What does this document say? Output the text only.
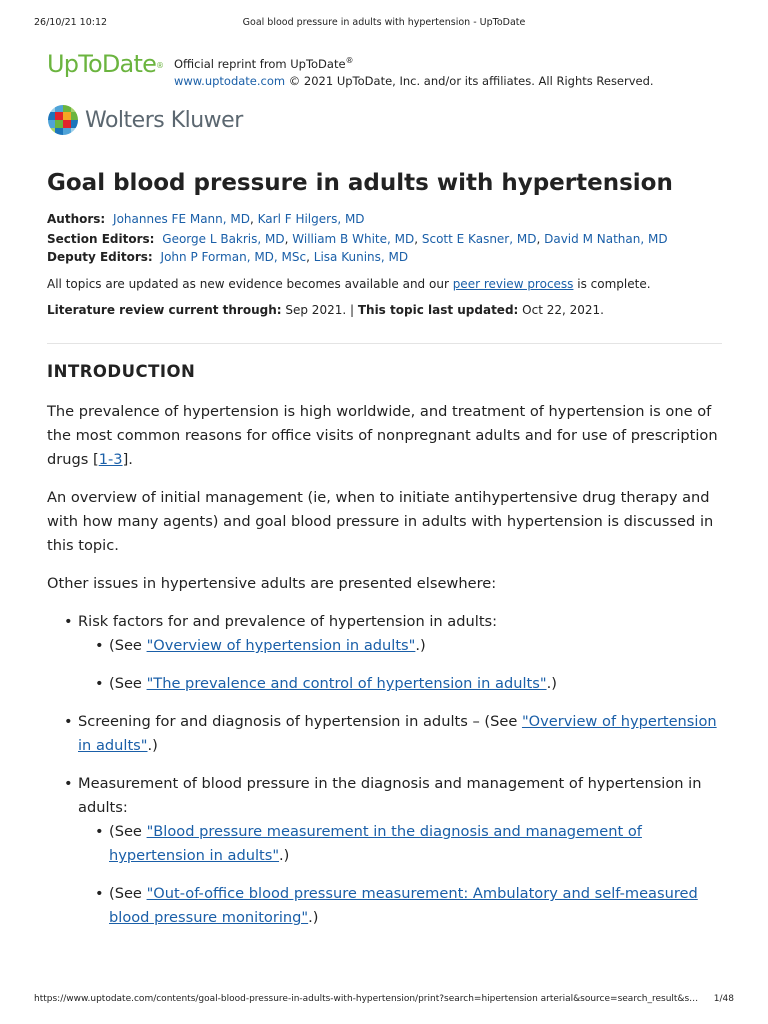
26/10/21 10:12	Goal blood pressure in adults with hypertension - UpToDate
UpToDate® Official reprint from UpToDate®
www.uptodate.com © 2021 UpToDate, Inc. and/or its affiliates. All Rights Reserved.
Wolters Kluwer
Goal blood pressure in adults with hypertension
Authors: Johannes FE Mann, MD, Karl F Hilgers, MD
Section Editors: George L Bakris, MD, William B White, MD, Scott E Kasner, MD, David M Nathan, MD
Deputy Editors: John P Forman, MD, MSc, Lisa Kunins, MD
All topics are updated as new evidence becomes available and our peer review process is complete.
Literature review current through: Sep 2021. | This topic last updated: Oct 22, 2021.
INTRODUCTION

The prevalence of hypertension is high worldwide, and treatment of hypertension is one of the most common reasons for office visits of nonpregnant adults and for use of prescription drugs [1-3].

An overview of initial management (ie, when to initiate antihypertensive drug therapy and with how many agents) and goal blood pressure in adults with hypertension is discussed in this topic.

Other issues in hypertensive adults are presented elsewhere:

• Risk factors for and prevalence of hypertension in adults:
• (See "Overview of hypertension in adults".)
• (See "The prevalence and control of hypertension in adults".)
• Screening for and diagnosis of hypertension in adults – (See "Overview of hypertension in adults".)
• Measurement of blood pressure in the diagnosis and management of hypertension in adults:
• (See "Blood pressure measurement in the diagnosis and management of hypertension in adults".)
• (See "Out-of-office blood pressure measurement: Ambulatory and self-measured blood pressure monitoring".)
https://www.uptodate.com/contents/goal-blood-pressure-in-adults-with-hypertension/print?search=hipertension arterial&source=search_result&s…	1/48
